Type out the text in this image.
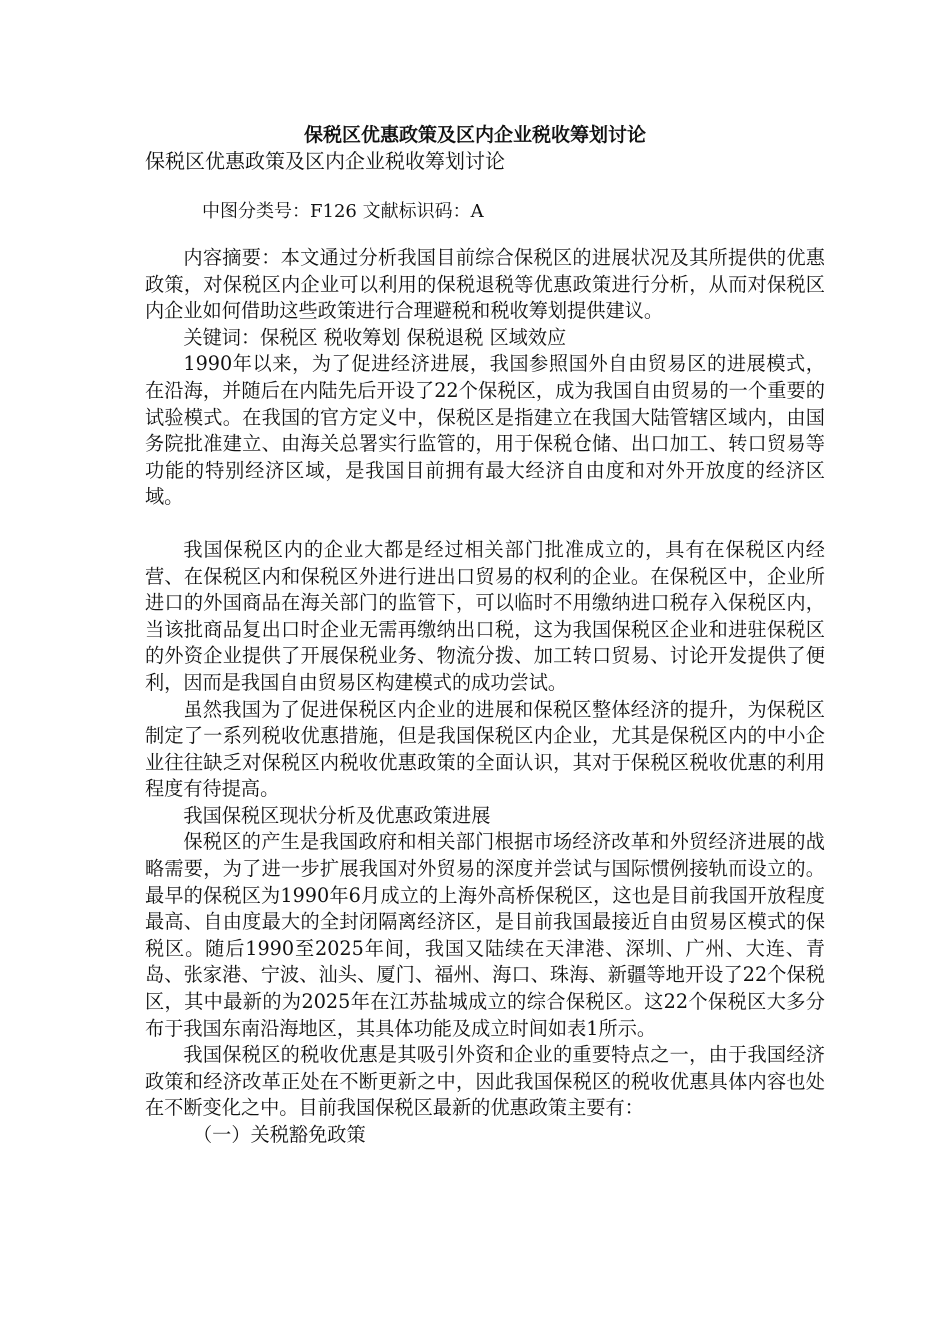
保税区优惠政策及区内企业税收筹划讨论
保税区优惠政策及区内企业税收筹划讨论
中图分类号：F126 文献标识码：A

内容摘要：本文通过分析我国目前综合保税区的进展状况及其所提供的优惠政策，对保税区内企业可以利用的保税退税等优惠政策进行分析，从而对保税区内企业如何借助这些政策进行合理避税和税收筹划提供建议。

关键词：保税区 税收筹划 保税退税 区域效应

1990年以来，为了促进经济进展，我国参照国外自由贸易区的进展模式，在沿海，并随后在内陆先后开设了22个保税区，成为我国自由贸易的一个重要的试验模式。在我国的官方定义中，保税区是指建立在我国大陆管辖区域内，由国务院批准建立、由海关总署实行监管的，用于保税仓储、出口加工、转口贸易等功能的特别经济区域，是我国目前拥有最大经济自由度和对外开放度的经济区域。

我国保税区内的企业大都是经过相关部门批准成立的，具有在保税区内经营、在保税区内和保税区外进行进出口贸易的权利的企业。在保税区中，企业所进口的外国商品在海关部门的监管下，可以临时不用缴纳进口税存入保税区内，当该批商品复出口时企业无需再缴纳出口税，这为我国保税区企业和进驻保税区的外资企业提供了开展保税业务、物流分拨、加工转口贸易、讨论开发提供了便利，因而是我国自由贸易区构建模式的成功尝试。

虽然我国为了促进保税区内企业的进展和保税区整体经济的提升，为保税区制定了一系列税收优惠措施，但是我国保税区内企业，尤其是保税区内的中小企业往往缺乏对保税区内税收优惠政策的全面认识，其对于保税区税收优惠的利用程度有待提高。

我国保税区现状分析及优惠政策进展

保税区的产生是我国政府和相关部门根据市场经济改革和外贸经济进展的战略需要，为了进一步扩展我国对外贸易的深度并尝试与国际惯例接轨而设立的。最早的保税区为1990年6月成立的上海外高桥保税区，这也是目前我国开放程度最高、自由度最大的全封闭隔离经济区，是目前我国最接近自由贸易区模式的保税区。随后1990至2025年间，我国又陆续在天津港、深圳、广州、大连、青岛、张家港、宁波、汕头、厦门、福州、海口、珠海、新疆等地开设了22个保税区，其中最新的为2025年在江苏盐城成立的综合保税区。这22个保税区大多分布于我国东南沿海地区，其具体功能及成立时间如表1所示。

我国保税区的税收优惠是其吸引外资和企业的重要特点之一，由于我国经济政策和经济改革正处在不断更新之中，因此我国保税区的税收优惠具体内容也处在不断变化之中。目前我国保税区最新的优惠政策主要有：

（一）关税豁免政策
